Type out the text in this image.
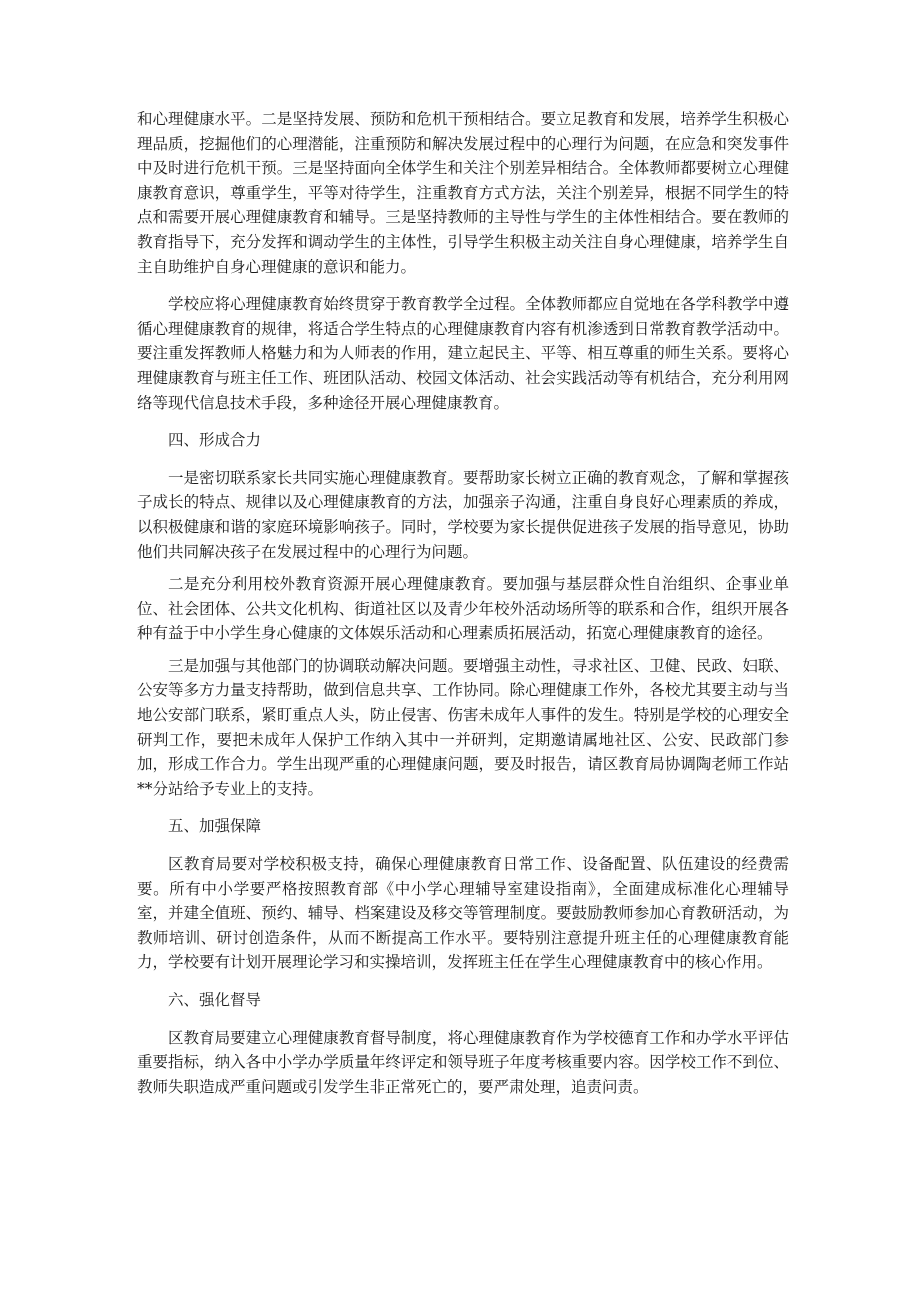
和心理健康水平。二是坚持发展、预防和危机干预相结合。要立足教育和发展，培养学生积极心理品质，挖掘他们的心理潜能，注重预防和解决发展过程中的心理行为问题，在应急和突发事件中及时进行危机干预。三是坚持面向全体学生和关注个别差异相结合。全体教师都要树立心理健康教育意识，尊重学生，平等对待学生，注重教育方式方法，关注个别差异，根据不同学生的特点和需要开展心理健康教育和辅导。三是坚持教师的主导性与学生的主体性相结合。要在教师的教育指导下，充分发挥和调动学生的主体性，引导学生积极主动关注自身心理健康，培养学生自主自助维护自身心理健康的意识和能力。

学校应将心理健康教育始终贯穿于教育教学全过程。全体教师都应自觉地在各学科教学中遵循心理健康教育的规律，将适合学生特点的心理健康教育内容有机渗透到日常教育教学活动中。要注重发挥教师人格魅力和为人师表的作用，建立起民主、平等、相互尊重的师生关系。要将心理健康教育与班主任工作、班团队活动、校园文体活动、社会实践活动等有机结合，充分利用网络等现代信息技术手段，多种途径开展心理健康教育。

四、形成合力

一是密切联系家长共同实施心理健康教育。要帮助家长树立正确的教育观念，了解和掌握孩子成长的特点、规律以及心理健康教育的方法，加强亲子沟通，注重自身良好心理素质的养成，以积极健康和谐的家庭环境影响孩子。同时，学校要为家长提供促进孩子发展的指导意见，协助他们共同解决孩子在发展过程中的心理行为问题。

二是充分利用校外教育资源开展心理健康教育。要加强与基层群众性自治组织、企事业单位、社会团体、公共文化机构、街道社区以及青少年校外活动场所等的联系和合作，组织开展各种有益于中小学生身心健康的文体娱乐活动和心理素质拓展活动，拓宽心理健康教育的途径。

三是加强与其他部门的协调联动解决问题。要增强主动性，寻求社区、卫健、民政、妇联、公安等多方力量支持帮助，做到信息共享、工作协同。除心理健康工作外，各校尤其要主动与当地公安部门联系，紧盯重点人头，防止侵害、伤害未成年人事件的发生。特别是学校的心理安全研判工作，要把未成年人保护工作纳入其中一并研判，定期邀请属地社区、公安、民政部门参加，形成工作合力。学生出现严重的心理健康问题，要及时报告，请区教育局协调陶老师工作站**分站给予专业上的支持。

五、加强保障

区教育局要对学校积极支持，确保心理健康教育日常工作、设备配置、队伍建设的经费需要。所有中小学要严格按照教育部《中小学心理辅导室建设指南》，全面建成标准化心理辅导室，并建全值班、预约、辅导、档案建设及移交等管理制度。要鼓励教师参加心育教研活动，为教师培训、研讨创造条件，从而不断提高工作水平。要特别注意提升班主任的心理健康教育能力，学校要有计划开展理论学习和实操培训，发挥班主任在学生心理健康教育中的核心作用。

六、强化督导

区教育局要建立心理健康教育督导制度，将心理健康教育作为学校德育工作和办学水平评估重要指标，纳入各中小学办学质量年终评定和领导班子年度考核重要内容。因学校工作不到位、教师失职造成严重问题或引发学生非正常死亡的，要严肃处理，追责问责。
